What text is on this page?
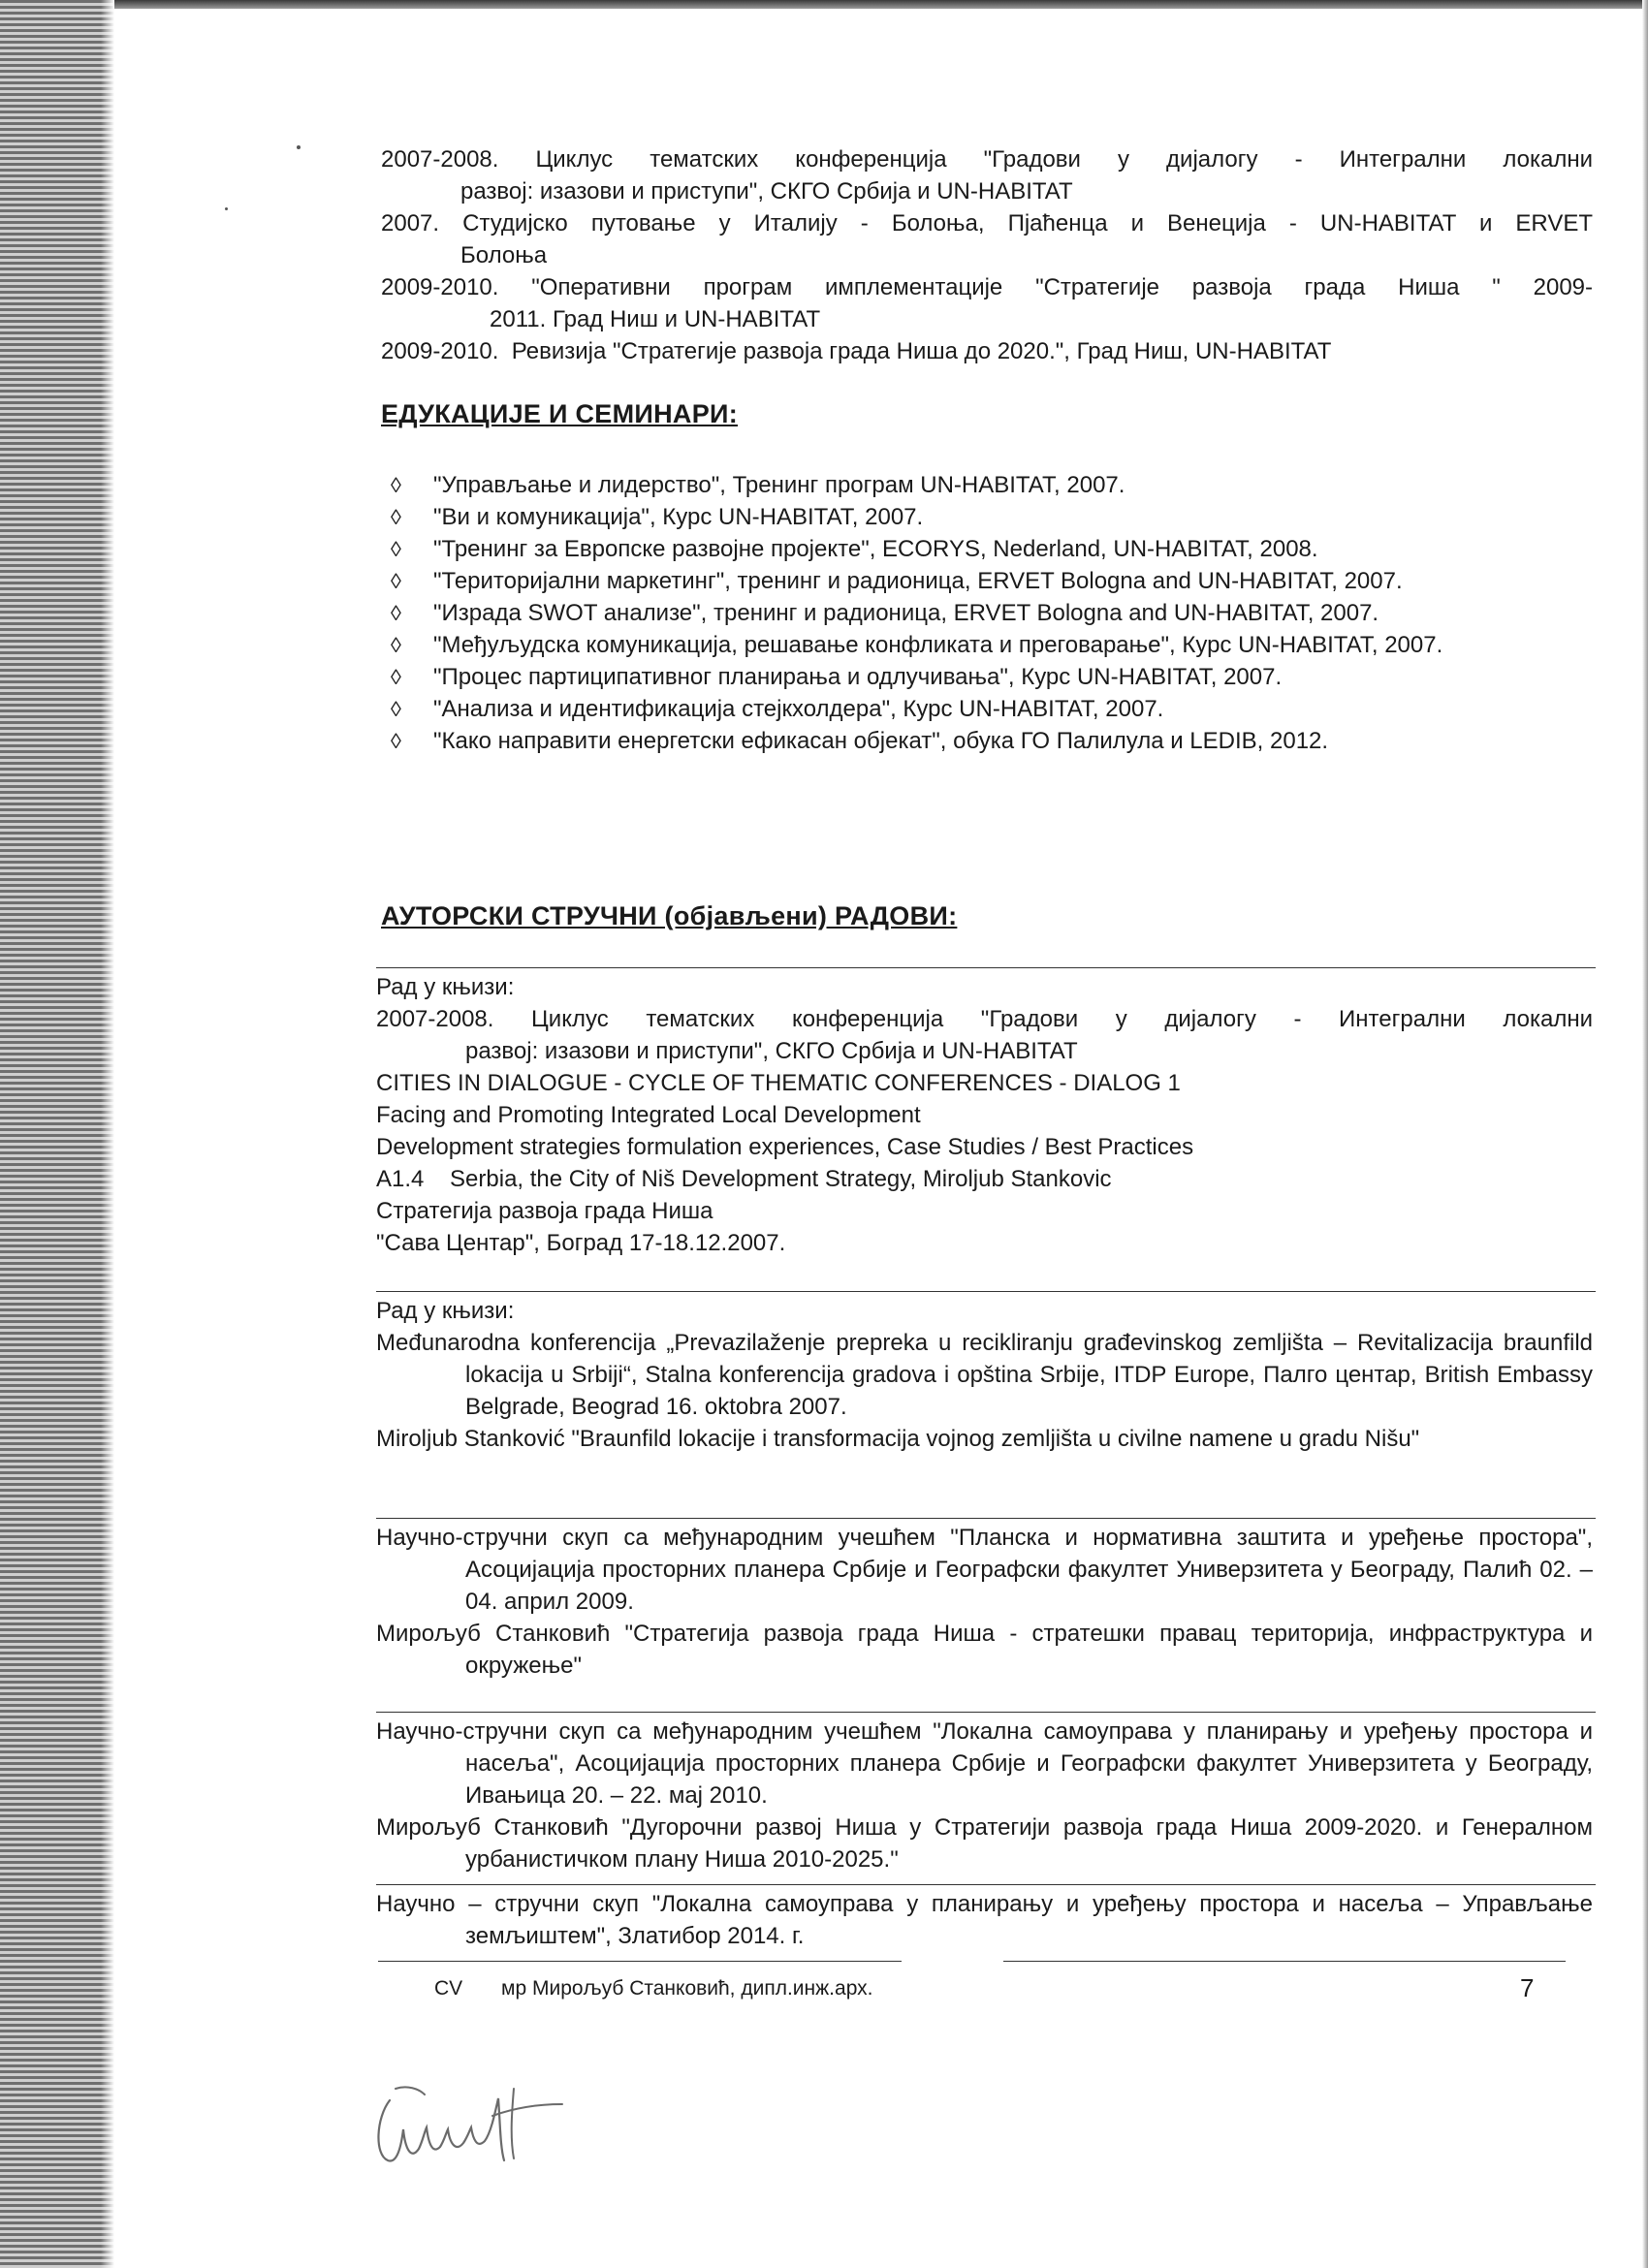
2007-2008. Циклус тематских конференција "Градови у дијалогу - Интегрални локални
развој: изазови и приступи", СКГО Србија и UN-HABITAT
2007. Студијско путовање у Италију - Болоња, Пјаћенца и Венеција - UN-HABITAT и ERVET
Болоња
2009-2010. "Оперативни програм имплементације "Стратегије развоја града Ниша " 2009-
2011. Град Ниш и UN-HABITAT
2009-2010. Ревизија "Стратегије развоја града Ниша до 2020.", Град Ниш, UN-HABITAT
ЕДУКАЦИЈЕ И СЕМИНАРИ:
◊ "Управљање и лидерство", Тренинг програм UN-HABITAT, 2007.
◊ "Ви и комуникација", Курс UN-HABITAT, 2007.
◊ "Тренинг за Европске развојне пројекте", ECORYS, Nederland, UN-HABITAT, 2008.
◊ "Територијални маркетинг", тренинг и радионица, ERVET Bologna and UN-HABITAT, 2007.
◊ "Израда SWOT анализе", тренинг и радионица, ERVET Bologna and UN-HABITAT, 2007.
◊ "Међуљудска комуникација, решавање конфликата и преговарање", Курс UN-HABITAT, 2007.
◊ "Процес партиципативног планирања и одлучивања", Курс UN-HABITAT, 2007.
◊ "Анализа и идентификација стејкхолдера", Курс UN-HABITAT, 2007.
◊ "Како направити енергетски ефикасан објекат", обука ГО Палилула и LEDIB, 2012.
АУТОРСКИ СТРУЧНИ (објављени) РАДОВИ:

Рад у књизи:

2007-2008. Циклус тематских конференција "Градови у дијалогу - Интегрални локални

развој: изазови и приступи", СКГО Србија и UN-HABITAT

CITIES IN DIALOGUE - CYCLE OF THEMATIC CONFERENCES - DIALOG 1

Facing and Promoting Integrated Local Development

Development strategies formulation experiences, Case Studies / Best Practices

A1.4    Serbia, the City of Niš Development Strategy, Miroljub Stankovic

Стратегија развоја града Ниша

"Сава Центар", Боград 17-18.12.2007.

Рад у књизи:

Međunarodna konferencija „Prevazilaženje prepreka u recikliranju građevinskog zemljišta – Revitalizacija braunfild lokacija u Srbiji“, Stalna konferencija gradova i opština Srbije, ITDP Europe, Палго центар, British Embassy Belgrade, Beograd 16. oktobra 2007.

Miroljub Stanković "Braunfild lokacije i transformacija vojnog zemljišta u civilne namene u gradu Nišu"

Научно-стручни скуп са међународним учешћем "Планска и нормативна заштита и уређење простора", Асоцијација просторних планера Србије и Географски факултет Универзитета у Београду, Палић 02. – 04. април 2009.

Мирољуб Станковић "Стратегија развоја града Ниша - стратешки правац територија, инфраструктура и окружење"

Научно-стручни скуп са међународним учешћем "Локална самоуправа у планирању и уређењу простора и насеља", Асоцијација просторних планера Србије и Географски факултет Универзитета у Београду, Ивањица 20. – 22. мај 2010.

Мирољуб Станковић "Дугорочни развој Ниша у Стратегији развоја града Ниша 2009-2020. и Генералном урбанистичком плану Ниша 2010-2025."

Научно – стручни скуп "Локална самоуправа у планирању и уређењу простора и насеља – Управљање земљиштем", Златибор 2014. г.

CV мр Мирољуб Станковић, дипл.инж.арх.	7
